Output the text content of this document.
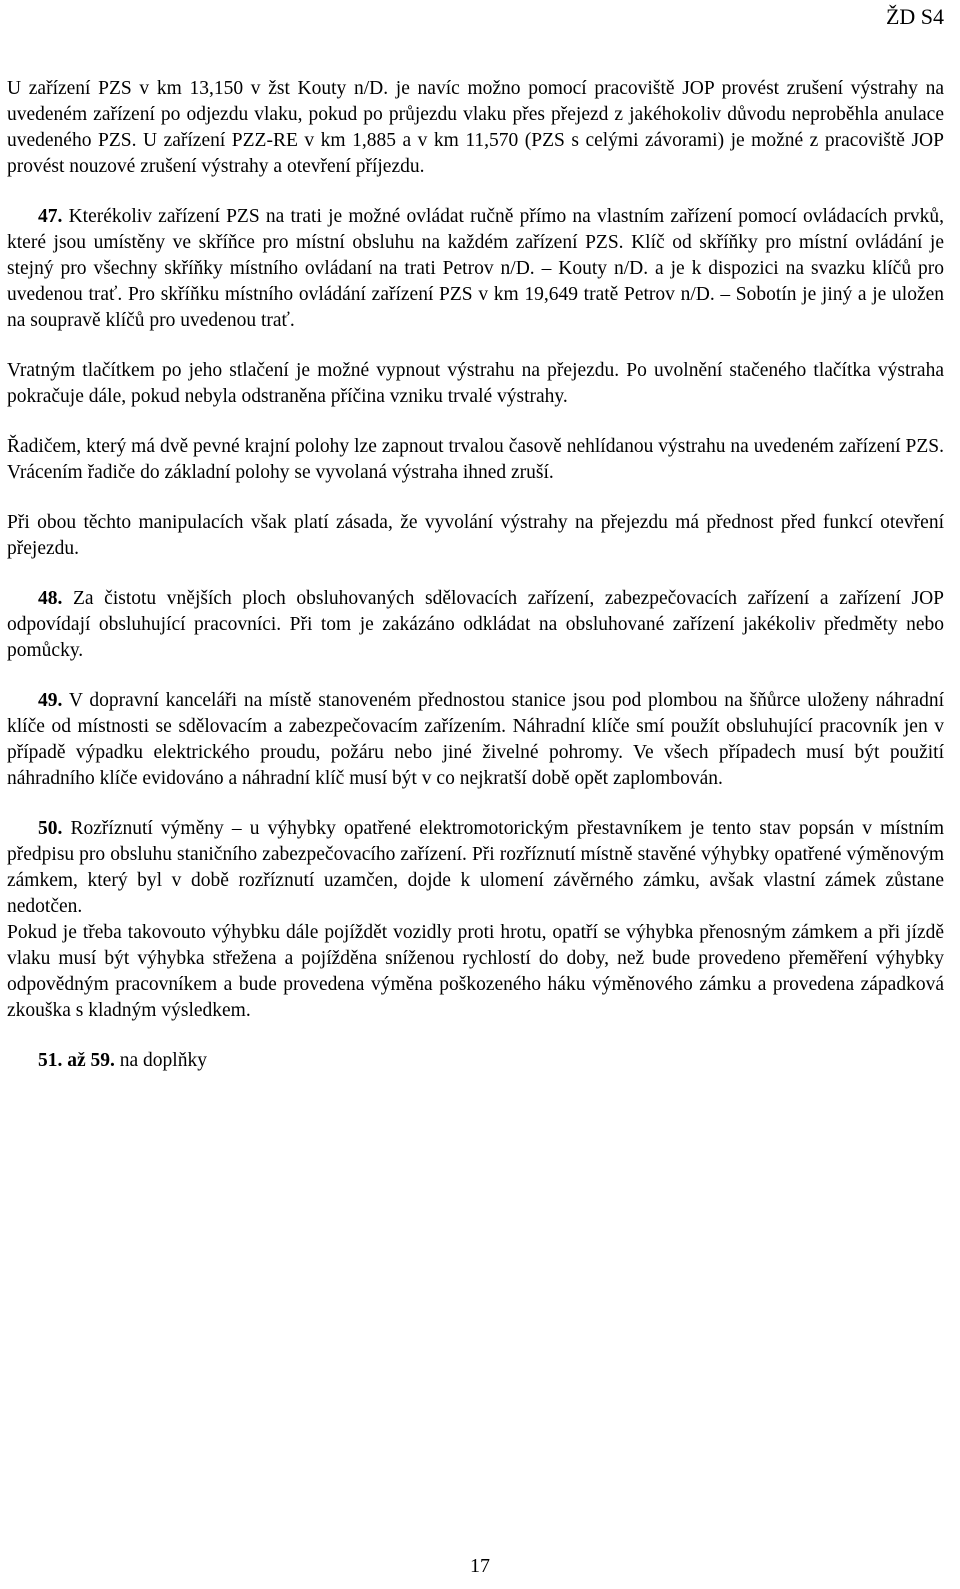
ŽD S4

U zařízení PZS v km 13,150 v žst Kouty n/D. je navíc možno pomocí pracoviště JOP provést zrušení výstrahy na uvedeném zařízení po odjezdu vlaku, pokud po průjezdu vlaku přes přejezd z jakéhokoliv důvodu neproběhla anulace uvedeného PZS. U zařízení PZZ-RE v km 1,885 a v km 11,570 (PZS s celými závorami) je možné z pracoviště JOP provést nouzové zrušení výstrahy a otevření příjezdu.

47. Kterékoliv zařízení PZS na trati je možné ovládat ručně přímo na vlastním zařízení pomocí ovládacích prvků, které jsou umístěny ve skříňce pro místní obsluhu na každém zařízení PZS. Klíč od skříňky pro místní ovládání je stejný pro všechny skříňky místního ovládaní na trati Petrov n/D. – Kouty n/D. a je k dispozici na svazku klíčů pro uvedenou trať. Pro skříňku místního ovládání zařízení PZS v km 19,649 tratě Petrov n/D. – Sobotín je jiný a je uložen na soupravě klíčů pro uvedenou trať.

Vratným tlačítkem po jeho stlačení je možné vypnout výstrahu na přejezdu. Po uvolnění stačeného tlačítka výstraha pokračuje dále, pokud nebyla odstraněna příčina vzniku trvalé výstrahy.

Řadičem, který má dvě pevné krajní polohy lze zapnout trvalou časově nehlídanou výstrahu na uvedeném zařízení PZS. Vrácením řadiče do základní polohy se vyvolaná výstraha ihned zruší.

Při obou těchto manipulacích však platí zásada, že vyvolání výstrahy na přejezdu má přednost před funkcí otevření přejezdu.

48. Za čistotu vnějších ploch obsluhovaných sdělovacích zařízení, zabezpečovacích zařízení a zařízení JOP odpovídají obsluhující pracovníci. Při tom je zakázáno odkládat na obsluhované zařízení jakékoliv předměty nebo pomůcky.

49. V dopravní kanceláři na místě stanoveném přednostou stanice jsou pod plombou na šňůrce uloženy náhradní klíče od místnosti se sdělovacím a zabezpečovacím zařízením. Náhradní klíče smí použít obsluhující pracovník jen v případě výpadku elektrického proudu, požáru nebo jiné živelné pohromy. Ve všech případech musí být použití náhradního klíče evidováno a náhradní klíč musí být v co nejkratší době opět zaplombován.

50. Rozříznutí výměny – u výhybky opatřené elektromotorickým přestavníkem je tento stav popsán v místním předpisu pro obsluhu staničního zabezpečovacího zařízení. Při rozříznutí místně stavěné výhybky opatřené výměnovým zámkem, který byl v době rozříznutí uzamčen, dojde k ulomení závěrného zámku, avšak vlastní zámek zůstane nedotčen.

Pokud je třeba takovouto výhybku dále pojíždět vozidly proti hrotu, opatří se výhybka přenosným zámkem a při jízdě vlaku musí být výhybka střežena a pojížděna sníženou rychlostí do doby, než bude provedeno přeměření výhybky odpovědným pracovníkem a bude provedena výměna poškozeného háku výměnového zámku a provedena západková zkouška s kladným výsledkem.

51. až 59. na doplňky

17
